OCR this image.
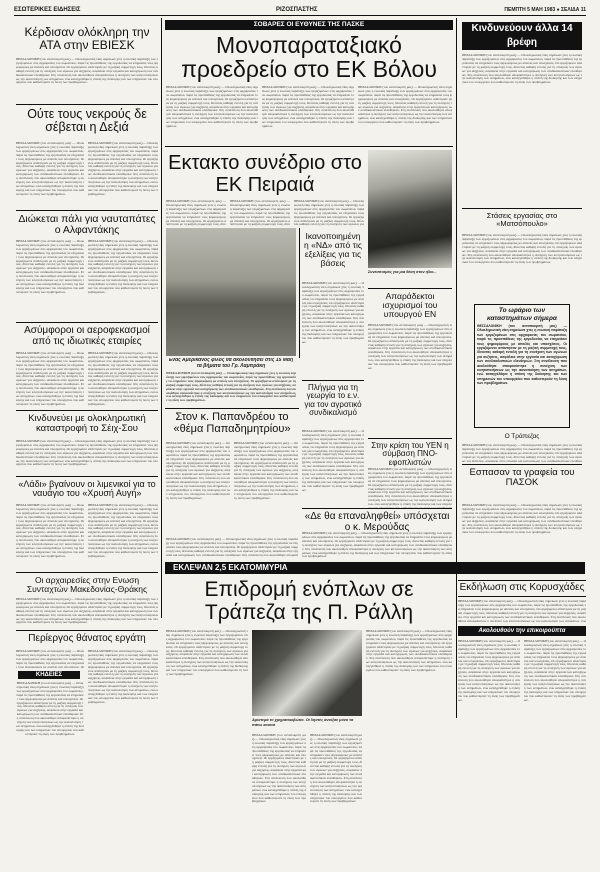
ΕΣΩΤΕΡΙΚΕΣ ΕΙΔΗΣΕΙΣ	ΡΙΖΟΣΠΑΣΤΗΣ	ΠΕΜΠΤΗ 5 ΜΑΗ 1983 ● ΣΕΛΙΔΑ 11
Κέρδισαν ολόκληρη την ΑΤΑ στην ΕΒΙΕΣΚ
ΘΕΣΣΑΛΟΝΙΚΗ (του ανταποκριτή μας) — Ολοκληρωτική νίκη σημείωσε χτες η ενωτική παράταξη των εργαζομένων στις αρχαιρεσίες του σωματείου, παρά τις προσπάθειες της εργοδοσίας να επηρεάσει τους ψηφοφόρους με απειλές και υποσχέσεις. Οι εργαζόμενοι απάντησαν με τη μαζική συμμετοχή τους, δίνοντας καθαρή εντολή για τη συνέχιση των αγώνων για αυξήσεις, ασφάλεια στην εργασία και κατοχύρωση των συνδικαλιστικών ελευθεριών. Στη συνέλευση που ακολούθησε αποφασίστηκε η συνέχιση των κινητοποιήσεων ως την ικανοποίηση των αιτημάτων, ενώ καταγγέλθηκε η στάση της διοίκησης και των υπηρεσιών του υπουργείου που καθυστερούν τη λύση των προβλημάτων.
Ούτε τους νεκρούς δε σέβεται η Δεξιά
ΘΕΣΣΑΛΟΝΙΚΗ (του ανταποκριτή μας) — Ολοκληρωτική νίκη σημείωσε χτες η ενωτική παράταξη των εργαζομένων στις αρχαιρεσίες του σωματείου, παρά τις προσπάθειες της εργοδοσίας να επηρεάσει τους ψηφοφόρους με απειλές και υποσχέσεις. Οι εργαζόμενοι απάντησαν με τη μαζική συμμετοχή τους, δίνοντας καθαρή εντολή για τη συνέχιση των αγώνων για αυξήσεις, ασφάλεια στην εργασία και κατοχύρωση των συνδικαλιστικών ελευθεριών. Στη συνέλευση που ακολούθησε αποφασίστηκε η συνέχιση των κινητοποιήσεων ως την ικανοποίηση των αιτημάτων, ενώ καταγγέλθηκε η στάση της διοίκησης και των υπηρεσιών του υπουργείου που καθυστερούν τη λύση των προβλημάτων.
ΘΕΣΣΑΛΟΝΙΚΗ (του ανταποκριτή μας) — Ολοκληρωτική νίκη σημείωσε χτες η ενωτική παράταξη των εργαζομένων στις αρχαιρεσίες του σωματείου, παρά τις προσπάθειες της εργοδοσίας να επηρεάσει τους ψηφοφόρους με απειλές και υποσχέσεις. Οι εργαζόμενοι απάντησαν με τη μαζική συμμετοχή τους, δίνοντας καθαρή εντολή για τη συνέχιση των αγώνων για αυξήσεις, ασφάλεια στην εργασία και κατοχύρωση των συνδικαλιστικών ελευθεριών. Στη συνέλευση που ακολούθησε αποφασίστηκε η συνέχιση των κινητοποιήσεων ως την ικανοποίηση των αιτημάτων, ενώ καταγγέλθηκε η στάση της διοίκησης και των υπηρεσιών του υπουργείου που καθυστερούν τη λύση των προβλημάτων.
Διώκεται πάλι για ναυταπάτες ο Αλφαντάκης
ΘΕΣΣΑΛΟΝΙΚΗ (του ανταποκριτή μας) — Ολοκληρωτική νίκη σημείωσε χτες η ενωτική παράταξη των εργαζομένων στις αρχαιρεσίες του σωματείου, παρά τις προσπάθειες της εργοδοσίας να επηρεάσει τους ψηφοφόρους με απειλές και υποσχέσεις. Οι εργαζόμενοι απάντησαν με τη μαζική συμμετοχή τους, δίνοντας καθαρή εντολή για τη συνέχιση των αγώνων για αυξήσεις, ασφάλεια στην εργασία και κατοχύρωση των συνδικαλιστικών ελευθεριών. Στη συνέλευση που ακολούθησε αποφασίστηκε η συνέχιση των κινητοποιήσεων ως την ικανοποίηση των αιτημάτων, ενώ καταγγέλθηκε η στάση της διοίκησης και των υπηρεσιών του υπουργείου που καθυστερούν τη λύση των προβλημάτων.
ΘΕΣΣΑΛΟΝΙΚΗ (του ανταποκριτή μας) — Ολοκληρωτική νίκη σημείωσε χτες η ενωτική παράταξη των εργαζομένων στις αρχαιρεσίες του σωματείου, παρά τις προσπάθειες της εργοδοσίας να επηρεάσει τους ψηφοφόρους με απειλές και υποσχέσεις. Οι εργαζόμενοι απάντησαν με τη μαζική συμμετοχή τους, δίνοντας καθαρή εντολή για τη συνέχιση των αγώνων για αυξήσεις, ασφάλεια στην εργασία και κατοχύρωση των συνδικαλιστικών ελευθεριών. Στη συνέλευση που ακολούθησε αποφασίστηκε η συνέχιση των κινητοποιήσεων ως την ικανοποίηση των αιτημάτων, ενώ καταγγέλθηκε η στάση της διοίκησης και των υπηρεσιών του υπουργείου που καθυστερούν τη λύση των προβλημάτων.
Ασύμφοροι οι αεροφεκασμοί από τις ιδιωτικές εταιρίες
ΘΕΣΣΑΛΟΝΙΚΗ (του ανταποκριτή μας) — Ολοκληρωτική νίκη σημείωσε χτες η ενωτική παράταξη των εργαζομένων στις αρχαιρεσίες του σωματείου, παρά τις προσπάθειες της εργοδοσίας να επηρεάσει τους ψηφοφόρους με απειλές και υποσχέσεις. Οι εργαζόμενοι απάντησαν με τη μαζική συμμετοχή τους, δίνοντας καθαρή εντολή για τη συνέχιση των αγώνων για αυξήσεις, ασφάλεια στην εργασία και κατοχύρωση των συνδικαλιστικών ελευθεριών. Στη συνέλευση που ακολούθησε αποφασίστηκε η συνέχιση των κινητοποιήσεων ως την ικανοποίηση των αιτημάτων, ενώ καταγγέλθηκε η στάση της διοίκησης και των υπηρεσιών του υπουργείου που καθυστερούν τη λύση των προβλημάτων.
ΘΕΣΣΑΛΟΝΙΚΗ (του ανταποκριτή μας) — Ολοκληρωτική νίκη σημείωσε χτες η ενωτική παράταξη των εργαζομένων στις αρχαιρεσίες του σωματείου, παρά τις προσπάθειες της εργοδοσίας να επηρεάσει τους ψηφοφόρους με απειλές και υποσχέσεις. Οι εργαζόμενοι απάντησαν με τη μαζική συμμετοχή τους, δίνοντας καθαρή εντολή για τη συνέχιση των αγώνων για αυξήσεις, ασφάλεια στην εργασία και κατοχύρωση των συνδικαλιστικών ελευθεριών. Στη συνέλευση που ακολούθησε αποφασίστηκε η συνέχιση των κινητοποιήσεων ως την ικανοποίηση των αιτημάτων, ενώ καταγγέλθηκε η στάση της διοίκησης και των υπηρεσιών του υπουργείου που καθυστερούν τη λύση των προβλημάτων.
Κινδυνεύει με ολοκληρωτική καταστροφή το Σέιχ-Σου
ΘΕΣΣΑΛΟΝΙΚΗ (του ανταποκριτή μας) — Ολοκληρωτική νίκη σημείωσε χτες η ενωτική παράταξη των εργαζομένων στις αρχαιρεσίες του σωματείου, παρά τις προσπάθειες της εργοδοσίας να επηρεάσει τους ψηφοφόρους με απειλές και υποσχέσεις. Οι εργαζόμενοι απάντησαν με τη μαζική συμμετοχή τους, δίνοντας καθαρή εντολή για τη συνέχιση των αγώνων για αυξήσεις, ασφάλεια στην εργασία και κατοχύρωση των συνδικαλιστικών ελευθεριών. Στη συνέλευση που ακολούθησε αποφασίστηκε η συνέχιση των κινητοποιήσεων ως την ικανοποίηση των αιτημάτων, ενώ καταγγέλθηκε η στάση της διοίκησης και των υπηρεσιών του υπουργείου που καθυστερούν τη λύση των προβλημάτων.
«Λάδι» βγαίνουν οι λιμενικοί για το ναυάγιο του «Χρυσή Αυγή»
ΘΕΣΣΑΛΟΝΙΚΗ (του ανταποκριτή μας) — Ολοκληρωτική νίκη σημείωσε χτες η ενωτική παράταξη των εργαζομένων στις αρχαιρεσίες του σωματείου, παρά τις προσπάθειες της εργοδοσίας να επηρεάσει τους ψηφοφόρους με απειλές και υποσχέσεις. Οι εργαζόμενοι απάντησαν με τη μαζική συμμετοχή τους, δίνοντας καθαρή εντολή για τη συνέχιση των αγώνων για αυξήσεις, ασφάλεια στην εργασία και κατοχύρωση των συνδικαλιστικών ελευθεριών. Στη συνέλευση που ακολούθησε αποφασίστηκε η συνέχιση των κινητοποιήσεων ως την ικανοποίηση των αιτημάτων, ενώ καταγγέλθηκε η στάση της διοίκησης και των υπηρεσιών του υπουργείου που καθυστερούν τη λύση των προβλημάτων.
ΘΕΣΣΑΛΟΝΙΚΗ (του ανταποκριτή μας) — Ολοκληρωτική νίκη σημείωσε χτες η ενωτική παράταξη των εργαζομένων στις αρχαιρεσίες του σωματείου, παρά τις προσπάθειες της εργοδοσίας να επηρεάσει τους ψηφοφόρους με απειλές και υποσχέσεις. Οι εργαζόμενοι απάντησαν με τη μαζική συμμετοχή τους, δίνοντας καθαρή εντολή για τη συνέχιση των αγώνων για αυξήσεις, ασφάλεια στην εργασία και κατοχύρωση των συνδικαλιστικών ελευθεριών. Στη συνέλευση που ακολούθησε αποφασίστηκε η συνέχιση των κινητοποιήσεων ως την ικανοποίηση των αιτημάτων, ενώ καταγγέλθηκε η στάση της διοίκησης και των υπηρεσιών του υπουργείου που καθυστερούν τη λύση των προβλημάτων.
Οι αρχαιρεσίες στην Ενωση Συνταχτών Μακεδονίας-Θράκης
ΘΕΣΣΑΛΟΝΙΚΗ (του ανταποκριτή μας) — Ολοκληρωτική νίκη σημείωσε χτες η ενωτική παράταξη των εργαζομένων στις αρχαιρεσίες του σωματείου, παρά τις προσπάθειες της εργοδοσίας να επηρεάσει τους ψηφοφόρους με απειλές και υποσχέσεις. Οι εργαζόμενοι απάντησαν με τη μαζική συμμετοχή τους, δίνοντας καθαρή εντολή για τη συνέχιση των αγώνων για αυξήσεις, ασφάλεια στην εργασία και κατοχύρωση των συνδικαλιστικών ελευθεριών. Στη συνέλευση που ακολούθησε αποφασίστηκε η συνέχιση των κινητοποιήσεων ως την ικανοποίηση των αιτημάτων, ενώ καταγγέλθηκε η στάση της διοίκησης και των υπηρεσιών του υπουργείου που καθυστερούν τη λύση των προβλημάτων.
Περίεργος θάνατος εργάτη
ΘΕΣΣΑΛΟΝΙΚΗ (του ανταποκριτή μας) — Ολοκληρωτική νίκη σημείωσε χτες η ενωτική παράταξη των εργαζομένων στις αρχαιρεσίες του σωματείου, παρά τις προσπάθειες της εργοδοσίας να επηρεάσει τους ψηφοφόρους με απειλές και υποσχέσεις. Οι
ΚΗΔΕΙΕΣ
ΘΕΣΣΑΛΟΝΙΚΗ (του ανταποκριτή μας) — Ολοκληρωτική νίκη σημείωσε χτες η ενωτική παράταξη των εργαζομένων στις αρχαιρεσίες του σωματείου, παρά τις προσπάθειες της εργοδοσίας να επηρεάσει τους ψηφοφόρους με απειλές και υποσχέσεις. Οι εργαζόμενοι απάντησαν με τη μαζική συμμετοχή τους, δίνοντας καθαρή εντολή για τη συνέχιση των αγώνων για αυξήσεις, ασφάλεια στην εργασία και κατοχύρωση των συνδικαλιστικών ελευθεριών. Στη συνέλευση που ακολούθησε αποφασίστηκε η συνέχιση των κινητοποιήσεων ως την ικανοποίηση των αιτημάτων, ενώ καταγγέλθηκε η στάση της διοίκησης και των υπηρεσιών του υπουργείου που καθυστερούν τη λύση των προβλημάτων.
ΘΕΣΣΑΛΟΝΙΚΗ (του ανταποκριτή μας) — Ολοκληρωτική νίκη σημείωσε χτες η ενωτική παράταξη των εργαζομένων στις αρχαιρεσίες του σωματείου, παρά τις προσπάθειες της εργοδοσίας να επηρεάσει τους ψηφοφόρους με απειλές και υποσχέσεις. Οι εργαζόμενοι απάντησαν με τη μαζική συμμετοχή τους, δίνοντας καθαρή εντολή για τη συνέχιση των αγώνων για αυξήσεις, ασφάλεια στην εργασία και κατοχύρωση των συνδικαλιστικών ελευθεριών. Στη συνέλευση που ακολούθησε αποφασίστηκε η συνέχιση των κινητοποιήσεων ως την ικανοποίηση των αιτημάτων, ενώ καταγγέλθηκε η στάση της διοίκησης και των υπηρεσιών του υπουργείου που καθυστερούν τη λύση των προβλημάτων.
ΣΟΒΑΡΕΣ ΟΙ ΕΥΘΥΝΕΣ ΤΗΣ ΠΑΣΚΕ
Μονοπαραταξιακό προεδρείο στο ΕΚ Βόλου
ΘΕΣΣΑΛΟΝΙΚΗ (του ανταποκριτή μας) — Ολοκληρωτική νίκη σημείωσε χτες η ενωτική παράταξη των εργαζομένων στις αρχαιρεσίες του σωματείου, παρά τις προσπάθειες της εργοδοσίας να επηρεάσει τους ψηφοφόρους με απειλές και υποσχέσεις. Οι εργαζόμενοι απάντησαν με τη μαζική συμμετοχή τους, δίνοντας καθαρή εντολή για τη συνέχιση των αγώνων για αυξήσεις, ασφάλεια στην εργασία και κατοχύρωση των συνδικαλιστικών ελευθεριών. Στη συνέλευση που ακολούθησε αποφασίστηκε η συνέχιση των κινητοποιήσεων ως την ικανοποίηση των αιτημάτων, ενώ καταγγέλθηκε η στάση της διοίκησης και των υπηρεσιών του υπουργείου που καθυστερούν τη λύση των προβλημάτων.
ΘΕΣΣΑΛΟΝΙΚΗ (του ανταποκριτή μας) — Ολοκληρωτική νίκη σημείωσε χτες η ενωτική παράταξη των εργαζομένων στις αρχαιρεσίες του σωματείου, παρά τις προσπάθειες της εργοδοσίας να επηρεάσει τους ψηφοφόρους με απειλές και υποσχέσεις. Οι εργαζόμενοι απάντησαν με τη μαζική συμμετοχή τους, δίνοντας καθαρή εντολή για τη συνέχιση των αγώνων για αυξήσεις, ασφάλεια στην εργασία και κατοχύρωση των συνδικαλιστικών ελευθεριών. Στη συνέλευση που ακολούθησε αποφασίστηκε η συνέχιση των κινητοποιήσεων ως την ικανοποίηση των αιτημάτων, ενώ καταγγέλθηκε η στάση της διοίκησης και των υπηρεσιών του υπουργείου που καθυστερούν τη λύση των προβλημάτων.
ΘΕΣΣΑΛΟΝΙΚΗ (του ανταποκριτή μας) — Ολοκληρωτική νίκη σημείωσε χτες η ενωτική παράταξη των εργαζομένων στις αρχαιρεσίες του σωματείου, παρά τις προσπάθειες της εργοδοσίας να επηρεάσει τους ψηφοφόρους με απειλές και υποσχέσεις. Οι εργαζόμενοι απάντησαν με τη μαζική συμμετοχή τους, δίνοντας καθαρή εντολή για τη συνέχιση των αγώνων για αυξήσεις, ασφάλεια στην εργασία και κατοχύρωση των συνδικαλιστικών ελευθεριών. Στη συνέλευση που ακολούθησε αποφασίστηκε η συνέχιση των κινητοποιήσεων ως την ικανοποίηση των αιτημάτων, ενώ καταγγέλθηκε η στάση της διοίκησης και των υπηρεσιών του υπουργείου που καθυστερούν τη λύση των προβλημάτων.
Εκτακτο συνέδριο στο ΕΚ Πειραιά
ΘΕΣΣΑΛΟΝΙΚΗ (του ανταποκριτή μας) — Ολοκληρωτική νίκη σημείωσε χτες η ενωτική παράταξη των εργαζομένων στις αρχαιρεσίες του σωματείου, παρά τις προσπάθειες της εργοδοσίας να επηρεάσει τους ψηφοφόρους με απειλές και υποσχέσεις. Οι εργαζόμενοι απάντησαν με τη μαζική συμμετοχή τους, δίνο
ΘΕΣΣΑΛΟΝΙΚΗ (του ανταποκριτή μας) — Ολοκληρωτική νίκη σημείωσε χτες η ενωτική παράταξη των εργαζομένων στις αρχαιρεσίες του σωματείου, παρά τις προσπάθειες της εργοδοσίας να επηρεάσει τους ψηφοφόρους με απειλές και υποσχέσεις. Οι εργαζόμενοι απάντησαν με τη μαζική συμμετοχή τους, δίνο
ΘΕΣΣΑΛΟΝΙΚΗ (του ανταποκριτή μας) — Ολοκληρωτική νίκη σημείωσε χτες η ενωτική παράταξη των εργαζομένων στις αρχαιρεσίες του σωματείου, παρά τις προσπάθειες της εργοδοσίας να επηρεάσει τους ψηφοφόρους με απειλές και υποσχέσεις. Οι εργαζόμενοι απάντησαν με τη μαζική συμμετοχή τους, δίνοντας καθαρή εντολή για τη συνέχιση των αγώνων για
Ενας Αμερικανός φίλος θα ακολουθήσει στις 15 Μάη τα βήματα του Γρ. Λαμπράκη
Ικανοποιημένη η «ΝΔ» από τις εξελίξεις για τις βάσεις
ΘΕΣΣΑΛΟΝΙΚΗ (του ανταποκριτή μας) — Ολοκληρωτική νίκη σημείωσε χτες η ενωτική παράταξη των εργαζομένων στις αρχαιρεσίες του σωματείου, παρά τις προσπάθειες της εργοδοσίας να επηρεάσει τους ψηφοφόρους με απειλές και υποσχέσεις. Οι εργαζόμενοι απάντησαν με τη μαζική συμμετοχή τους, δίνοντας καθαρή εντολή για τη συνέχιση των αγώνων για αυξήσεις, ασφάλεια στην εργασία και κατοχύρωση των συνδικαλιστικών ελευθεριών. Στη συνέλευση που ακολούθησε αποφασίστηκε η συνέχιση των κινητοποιήσεων ως την ικανοποίηση των αιτημάτων, ενώ καταγγέλθηκε η στάση της διοίκησης και των υπηρεσιών του υπουργείου που καθυστερούν τη λύση των προβλημάτων.
Συνεσπισμός για μια θέση στον ήλιο...
Απαράδεκτοι ισχυρισμοί του υπουργού ΕΝ
ΘΕΣΣΑΛΟΝΙΚΗ (του ανταποκριτή μας) — Ολοκληρωτική νίκη σημείωσε χτες η ενωτική παράταξη των εργαζομένων στις αρχαιρεσίες του σωματείου, παρά τις προσπάθειες της εργοδοσίας να επηρεάσει τους ψηφοφόρους με απειλές και υποσχέσεις. Οι εργαζόμενοι απάντησαν με τη μαζική συμμετοχή τους, δίνοντας καθαρή εντολή για τη συνέχιση των αγώνων για αυξήσεις, ασφάλεια στην εργασία και κατοχύρωση των συνδικαλιστικών ελευθεριών. Στη συνέλευση που ακολούθησε αποφασίστηκε η συνέχιση των κινητοποιήσεων ως την ικανοποίηση των αιτημάτων, ενώ καταγγέλθηκε η στάση της διοίκησης και των υπηρεσιών του υπουργείου που καθυστερούν τη λύση των προβλημάτων.
ΘΕΣΣΑΛΟΝΙΚΗ (του ανταποκριτή μας) — Ολοκληρωτική νίκη σημείωσε χτες η ενωτική παράταξη των εργαζομένων στις αρχαιρεσίες του σωματείου, παρά τις προσπάθειες της εργοδοσίας να επηρεάσει τους ψηφοφόρους με απειλές και υποσχέσεις. Οι εργαζόμενοι απάντησαν με τη μαζική συμμετοχή τους, δίνοντας καθαρή εντολή για τη συνέχιση των αγώνων για αυξήσεις, ασφάλεια στην εργασία και κατοχύρωση των συνδικαλιστικών ελευθεριών. Στη συνέλευση που ακολούθησε αποφασίστηκε η συνέχιση των κινητοποιήσεων ως την ικανοποίηση των αιτημάτων, ενώ καταγγέλθηκε η στάση της διοίκησης και των υπηρεσιών του υπουργείου που καθυστερούν τη λύση των προβλημάτων.
Στον κ. Παπανδρέου το «θέμα Παπαδημητρίου»
ΘΕΣΣΑΛΟΝΙΚΗ (του ανταποκριτή μας) — Ολοκληρωτική νίκη σημείωσε χτες η ενωτική παράταξη των εργαζομένων στις αρχαιρεσίες του σωματείου, παρά τις προσπάθειες της εργοδοσίας να επηρεάσει τους ψηφοφόρους με απειλές και υποσχέσεις. Οι εργαζόμενοι απάντησαν με τη μαζική συμμετοχή τους, δίνοντας καθαρή εντολή για τη συνέχιση των αγώνων για αυξήσεις, ασφάλεια στην εργασία και κατοχύρωση των συνδικαλιστικών ελευθεριών. Στη συνέλευση που ακολούθησε αποφασίστηκε η συνέχιση των κινητοποιήσεων ως την ικανοποίηση των αιτημάτων, ενώ καταγγέλθηκε η στάση της διοίκησης και των υπηρεσιών του υπουργείου που καθυστερούν τη λύση των προβλημάτων.
ΘΕΣΣΑΛΟΝΙΚΗ (του ανταποκριτή μας) — Ολοκληρωτική νίκη σημείωσε χτες η ενωτική παράταξη των εργαζομένων στις αρχαιρεσίες του σωματείου, παρά τις προσπάθειες της εργοδοσίας να επηρεάσει τους ψηφοφόρους με απειλές και υποσχέσεις. Οι εργαζόμενοι απάντησαν με τη μαζική συμμετοχή τους, δίνοντας καθαρή εντολή για τη συνέχιση των αγώνων για αυξήσεις, ασφάλεια στην εργασία και κατοχύρωση των συνδικαλιστικών ελευθεριών. Στη συνέλευση που ακολούθησε αποφασίστηκε η συνέχιση των κινητοποιήσεων ως την ικανοποίηση των αιτημάτων, ενώ καταγγέλθηκε η στάση της διοίκησης και των υπηρεσιών του υπουργείου που καθυστερούν τη λύση των προβλημάτων.
Πλήγμα για τη γεωργία το ε.ν. για τον αγροτικό συνδικαλισμό
ΘΕΣΣΑΛΟΝΙΚΗ (του ανταποκριτή μας) — Ολοκληρωτική νίκη σημείωσε χτες η ενωτική παράταξη των εργαζομένων στις αρχαιρεσίες του σωματείου, παρά τις προσπάθειες της εργοδοσίας να επηρεάσει τους ψηφοφόρους με απειλές και υποσχέσεις. Οι εργαζόμενοι απάντησαν με τη μαζική συμμετοχή τους, δίνοντας καθαρή εντολή για τη συνέχιση των αγώνων για αυξήσεις, ασφάλεια στην εργασία και κατοχύρωση των συνδικαλιστικών ελευθεριών. Στη συνέλευση που ακολούθησε αποφασίστηκε η συνέχιση των κινητοποιήσεων ως την ικανοποίηση των αιτημάτων, ενώ καταγγέλθηκε η στάση της διοίκησης και των υπηρεσιών του υπουργείου που καθυστερούν τη λύση των προβλημάτων.
Στην κρίση του ΥΕΝ η σύμβαση ΠΝΟ-εφοπλιστών
ΘΕΣΣΑΛΟΝΙΚΗ (του ανταποκριτή μας) — Ολοκληρωτική νίκη σημείωσε χτες η ενωτική παράταξη των εργαζομένων στις αρχαιρεσίες του σωματείου, παρά τις προσπάθειες της εργοδοσίας να επηρεάσει τους ψηφοφόρους με απειλές και υποσχέσεις. Οι εργαζόμενοι απάντησαν με τη μαζική συμμετοχή τους, δίνοντας καθαρή εντολή για τη συνέχιση των αγώνων για αυξήσεις, ασφάλεια στην εργασία και κατοχύρωση των συνδικαλιστικών ελευθεριών. Στη συνέλευση που ακολούθησε αποφασίστηκε η συνέχιση των κινητοποιήσεων ως την ικανοποίηση των αιτημάτων, ενώ καταγγέλθηκε η στάση της διοίκησης και των υπηρεσ
«Δε θα επαναληφθεί» υπόσχεται ο κ. Μερούδας
ΘΕΣΣΑΛΟΝΙΚΗ (του ανταποκριτή μας) — Ολοκληρωτική νίκη σημείωσε χτες η ενωτική παράταξη των εργαζομένων στις αρχαιρεσίες του σωματείου, παρά τις προσπάθειες της εργοδοσίας να επηρεάσει τους ψηφοφόρους με απειλές και υποσχέσεις. Οι εργαζόμενοι απάντησαν με τη μαζική συμμετοχή τους, δίνοντας καθαρή εντολή για τη συνέχιση των αγώνων για αυξήσεις, ασφάλεια στην εργασία και κατοχύρωση των συνδικαλιστικών ελευθεριών. Στη συνέλευση που ακολούθησε αποφασίστηκε η συνέχιση των κινητοποιήσεων ως την ικανοποίηση των αιτημάτων, ενώ καταγγέλθηκε η στάση της διοίκησης και των υπηρεσιών του υπουργείου που καθυστερούν τη λύση των προβλημάτων.
ΘΕΣΣΑΛΟΝΙΚΗ (του ανταποκριτή μας) — Ολοκληρωτική νίκη σημείωσε χτες η ενωτική παράταξη των εργαζομένων στις αρχαιρεσίες του σωματείου, παρά τις προσπάθειες της εργοδοσίας να επηρεάσει τους ψηφοφόρους με απειλές και υποσχέσεις. Οι εργαζόμενοι απάντησαν με τη μαζική συμμετοχή τους, δίνοντας καθαρή εντολή για τη συνέχιση των αγώνων για αυξήσεις, ασφάλεια στην εργασία και κατοχύρωση των συνδικαλιστικών ελευθεριών. Στη συνέλευση που ακολούθησε αποφασί
ΕΚΛΕΨΑΝ 2,5 ΕΚΑΤΟΜΜΥΡΙΑ
Επιδρομή ενόπλων σε Τράπεζα της Π. Ράλλη
ΘΕΣΣΑΛΟΝΙΚΗ (του ανταποκριτή μας) — Ολοκληρωτική νίκη σημείωσε χτες η ενωτική παράταξη των εργαζομένων στις αρχαιρεσίες του σωματείου, παρά τις προσπάθειες της εργοδοσίας να επηρεάσει τους ψηφοφόρους με απειλές και υποσχέσεις. Οι εργαζόμενοι απάντησαν με τη μαζική συμμετοχή τους, δίνοντας καθαρή εντολή για τη συνέχιση των αγώνων για αυξήσεις, ασφάλεια στην εργασία και κατοχύρωση των συνδικαλιστικών ελευθεριών. Στη συνέλευση που ακολούθησε αποφασίστηκε η συνέχιση των κινητοποιήσεων ως την ικανοποίηση των αιτημάτων, ενώ καταγγέλθηκε η στάση της διοίκησης και των υπηρεσιών του υπουργείου που καθυστερούν τη λύση των προβλημάτων.
Αριστερά το χρηματοκιβώτιο. Οι ληστές άνοιξαν μόνο τα πάνω κουτιά
ΘΕΣΣΑΛΟΝΙΚΗ (του ανταποκριτή μας) — Ολοκληρωτική νίκη σημείωσε χτες η ενωτική παράταξη των εργαζομένων στις αρχαιρεσίες του σωματείου, παρά τις προσπάθειες της εργοδοσίας να επηρεάσει τους ψηφοφόρους με απειλές και υποσχέσεις. Οι εργαζόμενοι απάντησαν με τη μαζική συμμετοχή τους, δίνοντας καθαρή εντολή για τη συνέχιση των αγώνων για αυξήσεις, ασφάλεια στην εργασία και κατοχύρωση των συνδικαλιστικών ελευθεριών. Στη συνέλευση που ακολούθησε αποφασίστηκε η συνέχιση των κινητοποιήσεων ως την ικανοποίηση των αιτημάτων, ενώ καταγγέλθηκε η στάση της διοίκησης και των υπηρεσιών του υπουργείου που καθυστερούν τη λύση των προβλημάτων.
ΘΕΣΣΑΛΟΝΙΚΗ (του ανταποκριτή μας) — Ολοκληρωτική νίκη σημείωσε χτες η ενωτική παράταξη των εργαζομένων στις αρχαιρεσίες του σωματείου, παρά τις προσπάθειες της εργοδοσίας να επηρεάσει τους ψηφοφόρους με απειλές και υποσχέσεις. Οι εργαζόμενοι απάντησαν με τη μαζική συμμετοχή τους, δίνοντας καθαρή εντολή για τη συνέχιση των αγώνων για αυξήσεις, ασφάλεια στην εργασία και κατοχύρωση των συνδικαλιστικών ελευθεριών. Στη συνέλευση που ακολούθησε αποφασίστηκε η συνέχιση των κινητοποιήσεων ως την ικανοποίηση των αιτημάτων, ενώ καταγγέλθηκε η στάση της διοίκησης και των υπηρεσιών του υπουργείου που καθυστερούν τη λύση των προβλημάτων.
ΘΕΣΣΑΛΟΝΙΚΗ (του ανταποκριτή μας) — Ολοκληρωτική νίκη σημείωσε χτες η ενωτική παράταξη των εργαζομένων στις αρχαιρεσίες του σωματείου, παρά τις προσπάθειες της εργοδοσίας να επηρεάσει τους ψηφοφόρους με απειλές και υποσχέσεις. Οι εργαζόμενοι απάντησαν με τη μαζική συμμετοχή τους, δίνοντας καθαρή εντολή για τη συνέχιση των αγώνων για αυξήσεις, ασφάλεια στην εργασία και κατοχύρωση των συνδικαλιστικών ελευθεριών. Στη συνέλευση που ακολούθησε αποφασίστηκε η συνέχιση των κινητοποιήσεων ως την ικανοποίηση των αιτημάτων, ενώ καταγγέλθηκε η στάση της διοίκησης και των υπηρεσιών του υπουργείου που καθυστερούν τη λύση των προβλημάτων.
Κινδυνεύουν άλλα 14 βρέφη
ΘΕΣΣΑΛΟΝΙΚΗ (του ανταποκριτή μας) — Ολοκληρωτική νίκη σημείωσε χτες η ενωτική παράταξη των εργαζομένων στις αρχαιρεσίες του σωματείου, παρά τις προσπάθειες της εργοδοσίας να επηρεάσει τους ψηφοφόρους με απειλές και υποσχέσεις. Οι εργαζόμενοι απάντησαν με τη μαζική συμμετοχή τους, δίνοντας καθαρή εντολή για τη συνέχιση των αγώνων για αυξήσεις, ασφάλεια στην εργασία και κατοχύρωση των συνδικαλιστικών ελευθεριών. Στη συνέλευση που ακολούθησε αποφασίστηκε η συνέχιση των κινητοποιήσεων ως την ικανοποίηση των αιτημάτων, ενώ καταγγέλθηκε η στάση της διοίκησης και των υπηρεσιών του υπουργείου που καθυστερούν τη λύση των προβλημάτων.
Στάσεις εργασίας στο «Ματσόπουλο»
ΘΕΣΣΑΛΟΝΙΚΗ (του ανταποκριτή μας) — Ολοκληρωτική νίκη σημείωσε χτες η ενωτική παράταξη των εργαζομένων στις αρχαιρεσίες του σωματείου, παρά τις προσπάθειες της εργοδοσίας να επηρεάσει τους ψηφοφόρους με απειλές και υποσχέσεις. Οι εργαζόμενοι απάντησαν με τη μαζική συμμετοχή τους, δίνοντας καθαρή εντολή για τη συνέχιση των αγώνων για αυξήσεις, ασφάλεια στην εργασία και κατοχύρωση των συνδικαλιστικών ελευθεριών. Στη συνέλευση που ακολούθησε αποφασίστηκε η συνέχιση των κινητοποιήσεων ως την ικανοποίηση των αιτημάτων, ενώ καταγγέλθηκε η στάση της διοίκησης και των υπηρεσιών του υπουργείου που καθυστερούν τη λύση των προβλημάτων.
Το ωράριο των καταστημάτων σήμερα
ΘΕΣΣΑΛΟΝΙΚΗ (του ανταποκριτή μας) — Ολοκληρωτική νίκη σημείωσε χτες η ενωτική παράταξη των εργαζομένων στις αρχαιρεσίες του σωματείου, παρά τις προσπάθειες της εργοδοσίας να επηρεάσει τους ψηφοφόρους με απειλές και υποσχέσεις. Οι εργαζόμενοι απάντησαν με τη μαζική συμμετοχή τους, δίνοντας καθαρή εντολή για τη συνέχιση των αγώνων για αυξήσεις, ασφάλεια στην εργασία και κατοχύρωση των συνδικαλιστικών ελευθεριών. Στη συνέλευση που ακολούθησε αποφασίστηκε η συνέχιση των κινητοποιήσεων ως την ικανοποίηση των αιτημάτων, ενώ καταγγέλθηκε η στάση της διοίκησης και των υπηρεσιών του υπουργείου που καθυστερούν τη λύση των προβλημάτων.
Ο Τράπεζας
ΘΕΣΣΑΛΟΝΙΚΗ (του ανταποκριτή μας) — Ολοκληρωτική νίκη σημείωσε χτες η ενωτική παράταξη των εργαζομένων στις αρχαιρεσίες του σωματείου, παρά τις προσπάθειες της εργοδοσίας να επηρεάσει τους ψηφοφόρους με απειλές και υποσχέσεις. Οι εργαζόμενοι απάντησαν με τη μαζική συμμετοχή τους, δίνοντας καθαρή εντολή για τη συνέχιση των αγώνων για αυξήσεις, ασφάλεια στην εργασία και κατοχύρωση των συνδικαλιστικών ελευθερι
Εσπασαν τα γραφεία του ΠΑΣΟΚ
ΘΕΣΣΑΛΟΝΙΚΗ (του ανταποκριτή μας) — Ολοκληρωτική νίκη σημείωσε χτες η ενωτική παράταξη των εργαζομένων στις αρχαιρεσίες του σωματείου, παρά τις προσπάθειες της εργοδοσίας να επηρεάσει τους ψηφοφόρους με απειλές και υποσχέσεις. Οι εργαζόμενοι απάντησαν με τη μαζική συμμετοχή τους, δίνοντας καθαρή εντολή για τη συνέχιση των αγώνων για αυξήσεις, ασφάλεια στην εργασία και κατοχύρωση των συνδικαλιστικών ελευθεριών. Στη συνέλευση που ακολούθησε αποφασίστηκε η συνέχιση των κινητοποιήσεων ως την ικανοποίηση των αιτημάτων, ενώ καταγγέλθηκε η στάση της διοίκησης και των υπηρεσιών του υπουργείου που καθυστερούν τη λύση των προβλημάτων.
Εκδήλωση στις Κορυσχάδες
ΘΕΣΣΑΛΟΝΙΚΗ (του ανταποκριτή μας) — Ολοκληρωτική νίκη σημείωσε χτες η ενωτική παράταξη των εργαζομένων στις αρχαιρεσίες του σωματείου, παρά τις προσπάθειες της εργοδοσίας να επηρεάσει τους ψηφοφόρους με απειλές και υποσχέσεις. Οι εργαζόμενοι απάντησαν με τη μαζική συμμετοχή τους, δίνοντας καθαρή εντολή για τη συνέχιση των αγώνων για αυξήσεις, ασφάλεια στην εργασία και κατοχύρωση των συνδικαλιστικών ελευθεριών. Στη συνέλευση που ακολούθησε αποφασίστηκε η συνέχιση των κινητοποιήσεων ως την ικανοποίηση των αιτημάτων, ενώ
Ακολουθούν την επικοιρούπτα
ΘΕΣΣΑΛΟΝΙΚΗ (του ανταποκριτή μας) — Ολοκληρωτική νίκη σημείωσε χτες η ενωτική παράταξη των εργαζομένων στις αρχαιρεσίες του σωματείου, παρά τις προσπάθειες της εργοδοσίας να επηρεάσει τους ψηφοφόρους με απειλές και υποσχέσεις. Οι εργαζόμενοι απάντησαν με τη μαζική συμμετοχή τους, δίνοντας καθαρή εντολή για τη συνέχιση των αγώνων για αυξήσεις, ασφάλεια στην εργασία και κατοχύρωση των συνδικαλιστικών ελευθεριών. Στη συνέλευση που ακολούθησε αποφασίστηκε η συνέχιση των κινητοποιήσεων ως την ικανοποίηση των αιτημάτων, ενώ καταγγέλθηκε η στάση της διοίκησης και των υπηρεσιών του υπουργείου που καθυστερούν τη λύση των προβλημάτων.
ΘΕΣΣΑΛΟΝΙΚΗ (του ανταποκριτή μας) — Ολοκληρωτική νίκη σημείωσε χτες η ενωτική παράταξη των εργαζομένων στις αρχαιρεσίες του σωματείου, παρά τις προσπάθειες της εργοδοσίας να επηρεάσει τους ψηφοφόρους με απειλές και υποσχέσεις. Οι εργαζόμενοι απάντησαν με τη μαζική συμμετοχή τους, δίνοντας καθαρή εντολή για τη συνέχιση των αγώνων για αυξήσεις, ασφάλεια στην εργασία και κατοχύρωση των συνδικαλιστικών ελευθεριών. Στη συνέλευση που ακολούθησε αποφασίστηκε η συνέχιση των κινητοποιήσεων ως την ικανοποίηση των αιτημάτων, ενώ καταγγέλθηκε η στάση της διοίκησης και των υπηρεσιών του υπουργείου που καθυστερούν τη λύση των προβλημάτων.
